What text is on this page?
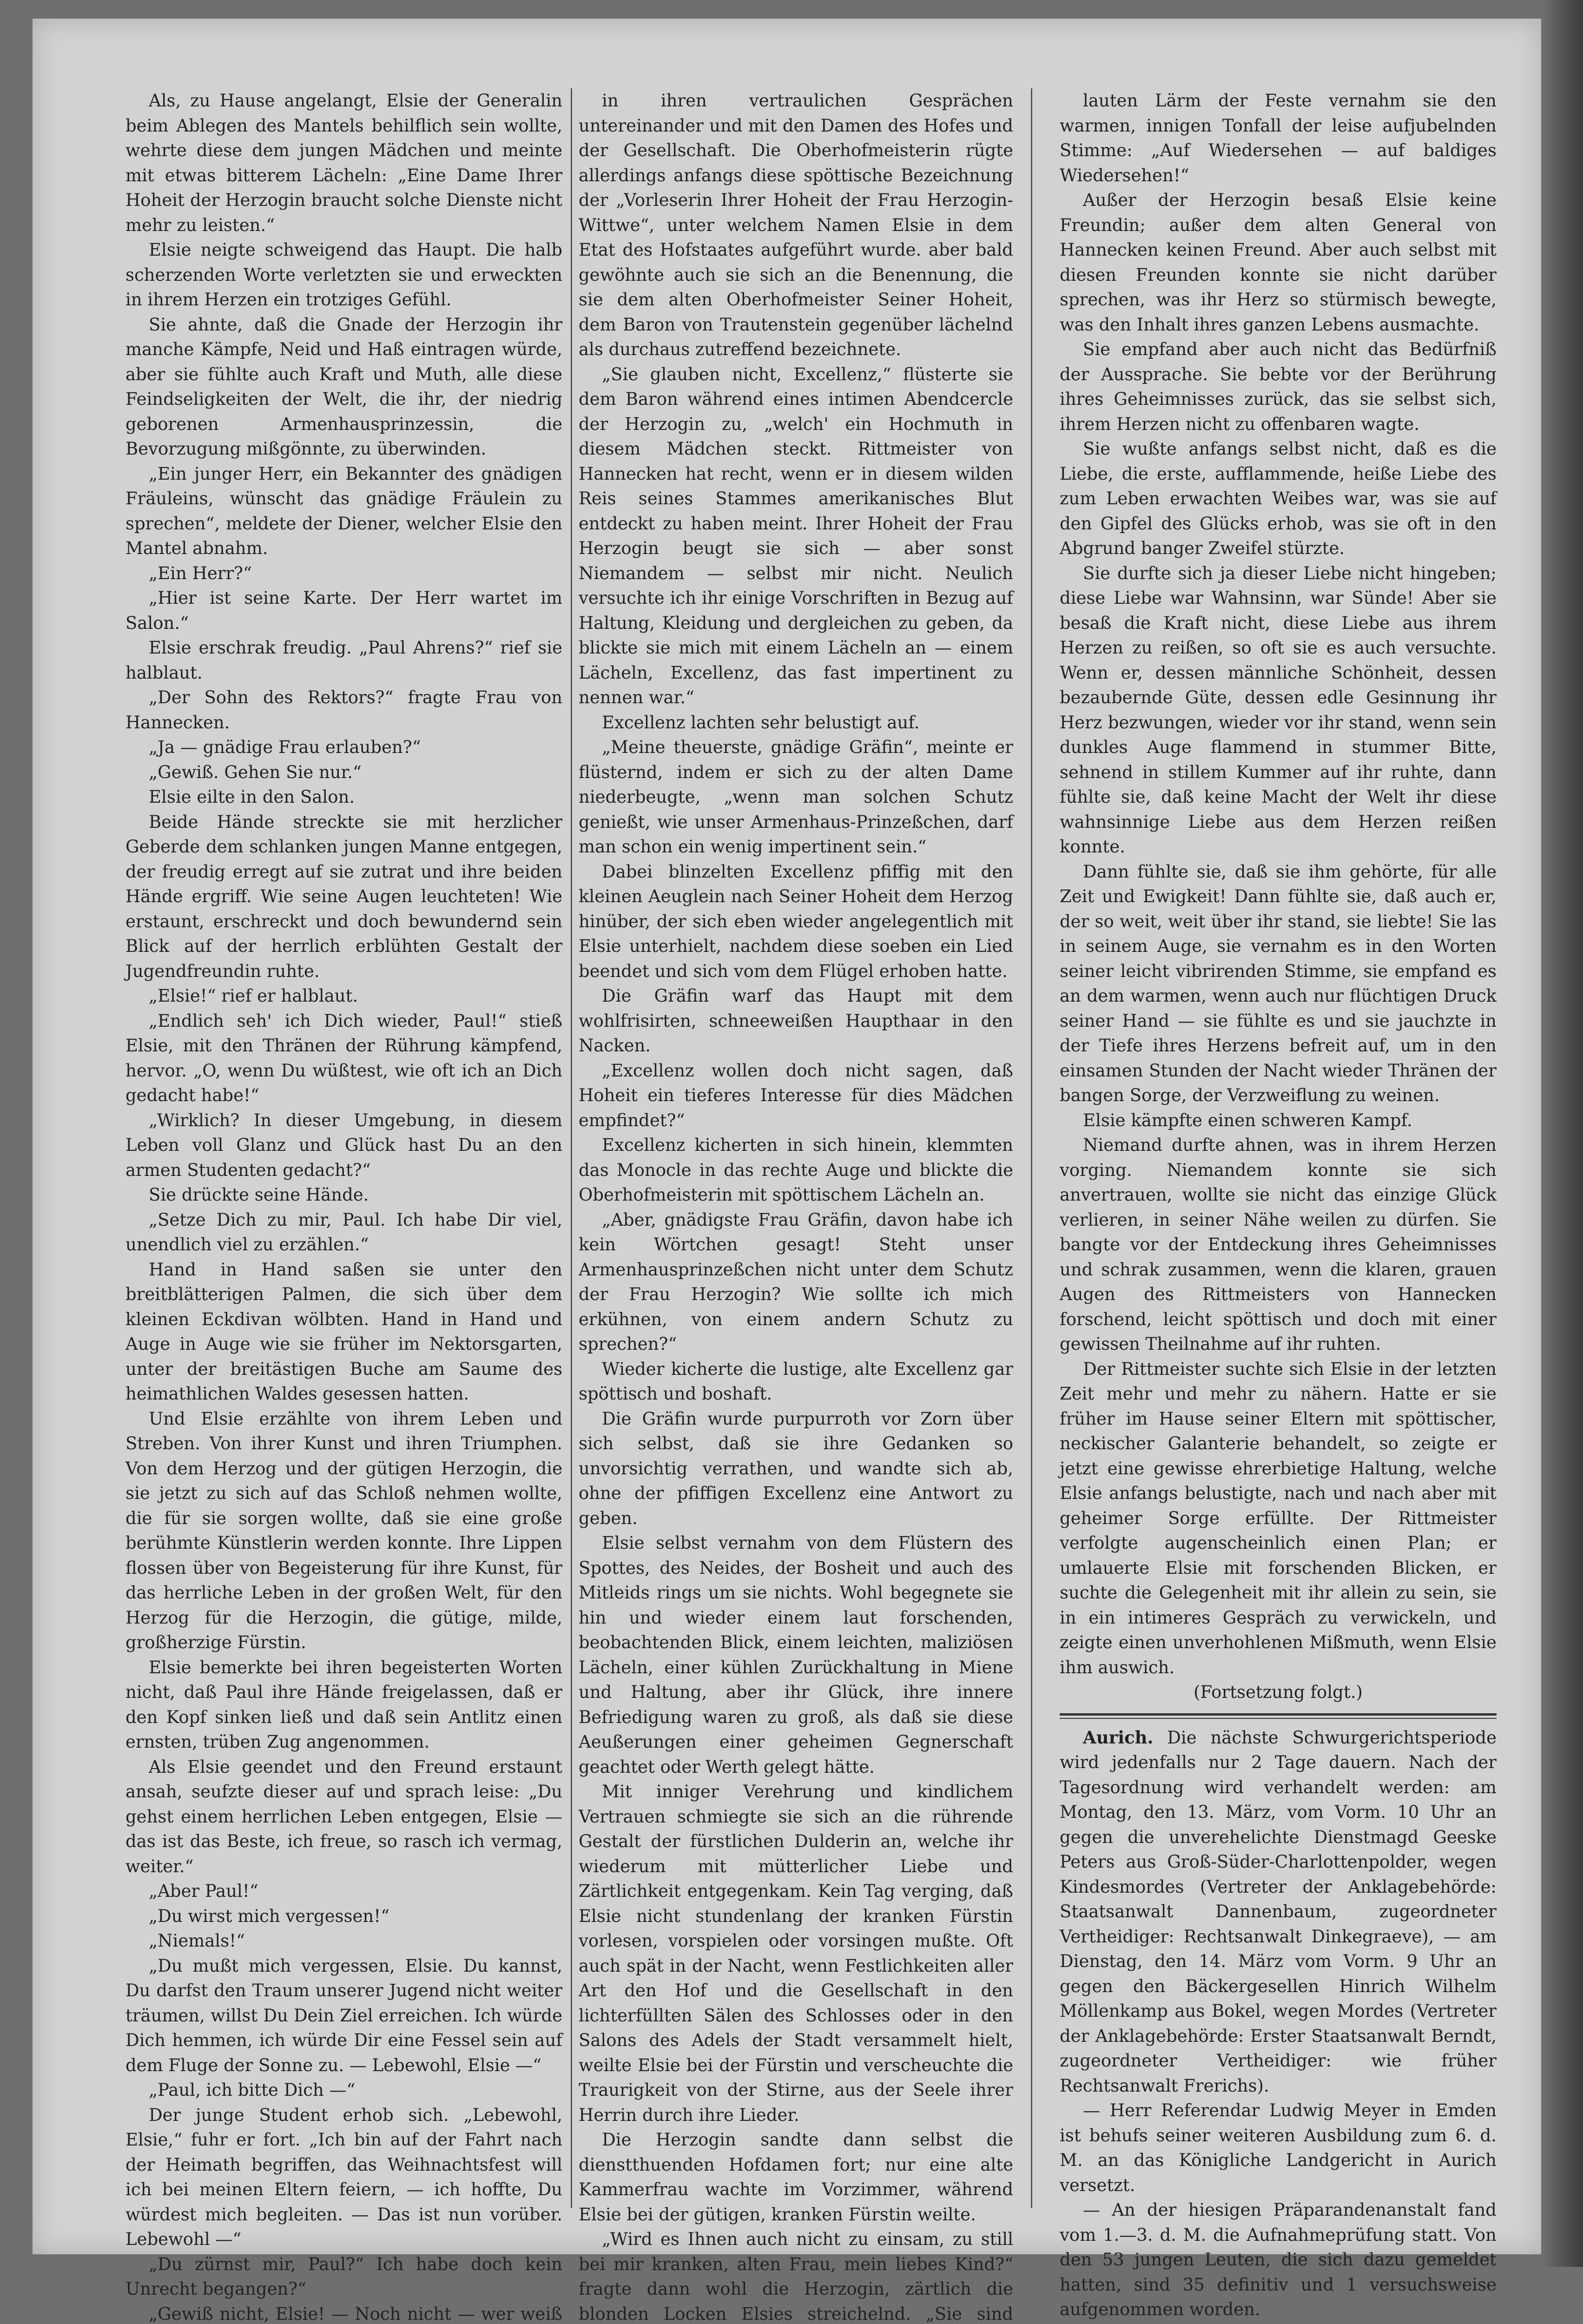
Als, zu Hause angelangt, Elsie der Generalin beim Ablegen des Mantels behilflich sein wollte, wehrte diese dem jungen Mädchen und meinte mit etwas bitterem Lächeln: „Eine Dame Ihrer Hoheit der Herzogin braucht solche Dienste nicht mehr zu leisten.“

Elsie neigte schweigend das Haupt. Die halb scherzenden Worte verletzten sie und erweckten in ihrem Herzen ein trotziges Gefühl.

Sie ahnte, daß die Gnade der Herzogin ihr manche Kämpfe, Neid und Haß eintragen würde, aber sie fühlte auch Kraft und Muth, alle diese Feindseligkeiten der Welt, die ihr, der niedrig geborenen Armenhausprinzessin, die Bevorzugung mißgönnte, zu überwinden.

„Ein junger Herr, ein Bekannter des gnädigen Fräuleins, wünscht das gnädige Fräulein zu sprechen“, meldete der Diener, welcher Elsie den Mantel abnahm.

„Ein Herr?“

„Hier ist seine Karte. Der Herr wartet im Salon.“

Elsie erschrak freudig. „Paul Ahrens?“ rief sie halblaut.

„Der Sohn des Rektors?“ fragte Frau von Hannecken.

„Ja — gnädige Frau erlauben?“

„Gewiß. Gehen Sie nur.“

Elsie eilte in den Salon.

Beide Hände streckte sie mit herzlicher Geberde dem schlanken jungen Manne entgegen, der freudig erregt auf sie zutrat und ihre beiden Hände ergriff. Wie seine Augen leuchteten! Wie erstaunt, erschreckt und doch bewundernd sein Blick auf der herrlich erblühten Gestalt der Jugendfreundin ruhte.

„Elsie!“ rief er halblaut.

„Endlich seh' ich Dich wieder, Paul!“ stieß Elsie, mit den Thränen der Rührung kämpfend, hervor. „O, wenn Du wüßtest, wie oft ich an Dich gedacht habe!“

„Wirklich? In dieser Umgebung, in diesem Leben voll Glanz und Glück hast Du an den armen Studenten gedacht?“

Sie drückte seine Hände.

„Setze Dich zu mir, Paul. Ich habe Dir viel, unendlich viel zu erzählen.“

Hand in Hand saßen sie unter den breitblätterigen Palmen, die sich über dem kleinen Eckdivan wölbten. Hand in Hand und Auge in Auge wie sie früher im Nektorsgarten, unter der breitästigen Buche am Saume des heimathlichen Waldes gesessen hatten.

Und Elsie erzählte von ihrem Leben und Streben. Von ihrer Kunst und ihren Triumphen. Von dem Herzog und der gütigen Herzogin, die sie jetzt zu sich auf das Schloß nehmen wollte, die für sie sorgen wollte, daß sie eine große berühmte Künstlerin werden konnte. Ihre Lippen flossen über von Begeisterung für ihre Kunst, für das herrliche Leben in der großen Welt, für den Herzog für die Herzogin, die gütige, milde, großherzige Fürstin.

Elsie bemerkte bei ihren begeisterten Worten nicht, daß Paul ihre Hände freigelassen, daß er den Kopf sinken ließ und daß sein Antlitz einen ernsten, trüben Zug angenommen.

Als Elsie geendet und den Freund erstaunt ansah, seufzte dieser auf und sprach leise: „Du gehst einem herrlichen Leben entgegen, Elsie — das ist das Beste, ich freue, so rasch ich vermag, weiter.“

„Aber Paul!“

„Du wirst mich vergessen!“

„Niemals!“

„Du mußt mich vergessen, Elsie. Du kannst, Du darfst den Traum unserer Jugend nicht weiter träumen, willst Du Dein Ziel erreichen. Ich würde Dich hemmen, ich würde Dir eine Fessel sein auf dem Fluge der Sonne zu. — Lebewohl, Elsie —“

„Paul, ich bitte Dich —“

Der junge Student erhob sich. „Lebewohl, Elsie,“ fuhr er fort. „Ich bin auf der Fahrt nach der Heimath begriffen, das Weihnachtsfest will ich bei meinen Eltern feiern, — ich hoffte, Du würdest mich begleiten. — Das ist nun vorüber. Lebewohl —“

„Du zürnst mir, Paul?“ Ich habe doch kein Unrecht begangen?“

„Gewiß nicht, Elsie! — Noch nicht — wer weiß

in ihren vertraulichen Gesprächen untereinander und mit den Damen des Hofes und der Gesellschaft. Die Oberhofmeisterin rügte allerdings anfangs diese spöttische Bezeichnung der „Vorleserin Ihrer Hoheit der Frau Herzogin-Wittwe“, unter welchem Namen Elsie in dem Etat des Hofstaates aufgeführt wurde. aber bald gewöhnte auch sie sich an die Benennung, die sie dem alten Oberhofmeister Seiner Hoheit, dem Baron von Trautenstein gegenüber lächelnd als durchaus zutreffend bezeichnete.

„Sie glauben nicht, Excellenz,“ flüsterte sie dem Baron während eines intimen Abendcercle der Herzogin zu, „welch' ein Hochmuth in diesem Mädchen steckt. Rittmeister von Hannecken hat recht, wenn er in diesem wilden Reis seines Stammes amerikanisches Blut entdeckt zu haben meint. Ihrer Hoheit der Frau Herzogin beugt sie sich — aber sonst Niemandem — selbst mir nicht. Neulich versuchte ich ihr einige Vorschriften in Bezug auf Haltung, Kleidung und dergleichen zu geben, da blickte sie mich mit einem Lächeln an — einem Lächeln, Excellenz, das fast impertinent zu nennen war.“

Excellenz lachten sehr belustigt auf.

„Meine theuerste, gnädige Gräfin“, meinte er flüsternd, indem er sich zu der alten Dame niederbeugte, „wenn man solchen Schutz genießt, wie unser Armenhaus-Prinzeßchen, darf man schon ein wenig impertinent sein.“

Dabei blinzelten Excellenz pfiffig mit den kleinen Aeuglein nach Seiner Hoheit dem Herzog hinüber, der sich eben wieder angelegentlich mit Elsie unterhielt, nachdem diese soeben ein Lied beendet und sich vom dem Flügel erhoben hatte.

Die Gräfin warf das Haupt mit dem wohlfrisirten, schneeweißen Haupthaar in den Nacken.

„Excellenz wollen doch nicht sagen, daß Hoheit ein tieferes Interesse für dies Mädchen empfindet?“

Excellenz kicherten in sich hinein, klemmten das Monocle in das rechte Auge und blickte die Oberhofmeisterin mit spöttischem Lächeln an.

„Aber, gnädigste Frau Gräfin, davon habe ich kein Wörtchen gesagt! Steht unser Armenhausprinzeßchen nicht unter dem Schutz der Frau Herzogin? Wie sollte ich mich erkühnen, von einem andern Schutz zu sprechen?“

Wieder kicherte die lustige, alte Excellenz gar spöttisch und boshaft.

Die Gräfin wurde purpurroth vor Zorn über sich selbst, daß sie ihre Gedanken so unvorsichtig verrathen, und wandte sich ab, ohne der pfiffigen Excellenz eine Antwort zu geben.

Elsie selbst vernahm von dem Flüstern des Spottes, des Neides, der Bosheit und auch des Mitleids rings um sie nichts. Wohl begegnete sie hin und wieder einem laut forschenden, beobachtenden Blick, einem leichten, maliziösen Lächeln, einer kühlen Zurückhaltung in Miene und Haltung, aber ihr Glück, ihre innere Befriedigung waren zu groß, als daß sie diese Aeußerungen einer geheimen Gegnerschaft geachtet oder Werth gelegt hätte.

Mit inniger Verehrung und kindlichem Vertrauen schmiegte sie sich an die rührende Gestalt der fürstlichen Dulderin an, welche ihr wiederum mit mütterlicher Liebe und Zärtlichkeit entgegenkam. Kein Tag verging, daß Elsie nicht stundenlang der kranken Fürstin vorlesen, vorspielen oder vorsingen mußte. Oft auch spät in der Nacht, wenn Festlichkeiten aller Art den Hof und die Gesellschaft in den lichterfüllten Sälen des Schlosses oder in den Salons des Adels der Stadt versammelt hielt, weilte Elsie bei der Fürstin und verscheuchte die Traurigkeit von der Stirne, aus der Seele ihrer Herrin durch ihre Lieder.

Die Herzogin sandte dann selbst die dienstthuenden Hofdamen fort; nur eine alte Kammerfrau wachte im Vorzimmer, während Elsie bei der gütigen, kranken Fürstin weilte.

„Wird es Ihnen auch nicht zu einsam, zu still bei mir kranken, alten Frau, mein liebes Kind?“ fragte dann wohl die Herzogin, zärtlich die blonden Locken Elsies streichelnd. „Sie sind

lauten Lärm der Feste vernahm sie den warmen, innigen Tonfall der leise aufjubelnden Stimme: „Auf Wiedersehen — auf baldiges Wiedersehen!“

Außer der Herzogin besaß Elsie keine Freundin; außer dem alten General von Hannecken keinen Freund. Aber auch selbst mit diesen Freunden konnte sie nicht darüber sprechen, was ihr Herz so stürmisch bewegte, was den Inhalt ihres ganzen Lebens ausmachte.

Sie empfand aber auch nicht das Bedürfniß der Aussprache. Sie bebte vor der Berührung ihres Geheimnisses zurück, das sie selbst sich, ihrem Herzen nicht zu offenbaren wagte.

Sie wußte anfangs selbst nicht, daß es die Liebe, die erste, aufflammende, heiße Liebe des zum Leben erwachten Weibes war, was sie auf den Gipfel des Glücks erhob, was sie oft in den Abgrund banger Zweifel stürzte.

Sie durfte sich ja dieser Liebe nicht hingeben; diese Liebe war Wahnsinn, war Sünde! Aber sie besaß die Kraft nicht, diese Liebe aus ihrem Herzen zu reißen, so oft sie es auch versuchte. Wenn er, dessen männliche Schönheit, dessen bezaubernde Güte, dessen edle Gesinnung ihr Herz bezwungen, wieder vor ihr stand, wenn sein dunkles Auge flammend in stummer Bitte, sehnend in stillem Kummer auf ihr ruhte, dann fühlte sie, daß keine Macht der Welt ihr diese wahnsinnige Liebe aus dem Herzen reißen konnte.

Dann fühlte sie, daß sie ihm gehörte, für alle Zeit und Ewigkeit! Dann fühlte sie, daß auch er, der so weit, weit über ihr stand, sie liebte! Sie las in seinem Auge, sie vernahm es in den Worten seiner leicht vibrirenden Stimme, sie empfand es an dem warmen, wenn auch nur flüchtigen Druck seiner Hand — sie fühlte es und sie jauchzte in der Tiefe ihres Herzens befreit auf, um in den einsamen Stunden der Nacht wieder Thränen der bangen Sorge, der Verzweiflung zu weinen.

Elsie kämpfte einen schweren Kampf.

Niemand durfte ahnen, was in ihrem Herzen vorging. Niemandem konnte sie sich anvertrauen, wollte sie nicht das einzige Glück verlieren, in seiner Nähe weilen zu dürfen. Sie bangte vor der Entdeckung ihres Geheimnisses und schrak zusammen, wenn die klaren, grauen Augen des Rittmeisters von Hannecken forschend, leicht spöttisch und doch mit einer gewissen Theilnahme auf ihr ruhten.

Der Rittmeister suchte sich Elsie in der letzten Zeit mehr und mehr zu nähern. Hatte er sie früher im Hause seiner Eltern mit spöttischer, neckischer Galanterie behandelt, so zeigte er jetzt eine gewisse ehrerbietige Haltung, welche Elsie anfangs belustigte, nach und nach aber mit geheimer Sorge erfüllte. Der Rittmeister verfolgte augenscheinlich einen Plan; er umlauerte Elsie mit forschenden Blicken, er suchte die Gelegenheit mit ihr allein zu sein, sie in ein intimeres Gespräch zu verwickeln, und zeigte einen unverhohlenen Mißmuth, wenn Elsie ihm auswich.

(Fortsetzung folgt.)

Aurich. Die nächste Schwurgerichtsperiode wird jedenfalls nur 2 Tage dauern. Nach der Tagesordnung wird verhandelt werden: am Montag, den 13. März, vom Vorm. 10 Uhr an gegen die unverehelichte Dienstmagd Geeske Peters aus Groß-Süder-Charlottenpolder, wegen Kindesmordes (Vertreter der Anklagebehörde: Staatsanwalt Dannenbaum, zugeordneter Vertheidiger: Rechtsanwalt Dinkegraeve), — am Dienstag, den 14. März vom Vorm. 9 Uhr an gegen den Bäckergesellen Hinrich Wilhelm Möllenkamp aus Bokel, wegen Mordes (Vertreter der Anklagebehörde: Erster Staatsanwalt Berndt, zugeordneter Vertheidiger: wie früher Rechtsanwalt Frerichs).

— Herr Referendar Ludwig Meyer in Emden ist behufs seiner weiteren Ausbildung zum 6. d. M. an das Königliche Landgericht in Aurich versetzt.

— An der hiesigen Präparandenanstalt fand vom 1.—3. d. M. die Aufnahmeprüfung statt. Von den 53 jungen Leuten, die sich dazu gemeldet hatten, sind 35 definitiv und 1 versuchsweise aufgenommen worden.
